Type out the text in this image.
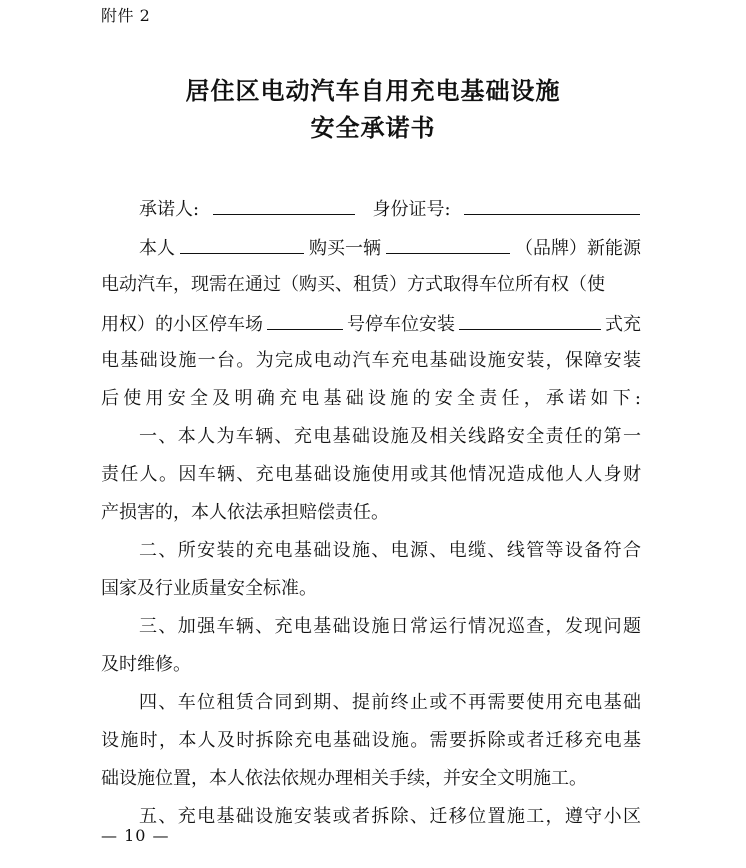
附件 2
居住区电动汽车自用充电基础设施
安全承诺书
承诺人:	身份证号:
本人	购买一辆	（品牌）新能源
电动汽车，现需在通过（购买、租赁）方式取得车位所有权（使
用权）的小区停车场	号停车位安装	式充
电基础设施一台。为完成电动汽车充电基础设施安装，保障安装
后使用安全及明确充电基础设施的安全责任，承诺如下:
一、本人为车辆、充电基础设施及相关线路安全责任的第一
责任人。因车辆、充电基础设施使用或其他情况造成他人人身财
产损害的，本人依法承担赔偿责任。
二、所安装的充电基础设施、电源、电缆、线管等设备符合
国家及行业质量安全标准。
三、加强车辆、充电基础设施日常运行情况巡查，发现问题
及时维修。
四、车位租赁合同到期、提前终止或不再需要使用充电基础
设施时，本人及时拆除充电基础设施。需要拆除或者迁移充电基
础设施位置，本人依法依规办理相关手续，并安全文明施工。
五、充电基础设施安装或者拆除、迁移位置施工，遵守小区
— 10 —
